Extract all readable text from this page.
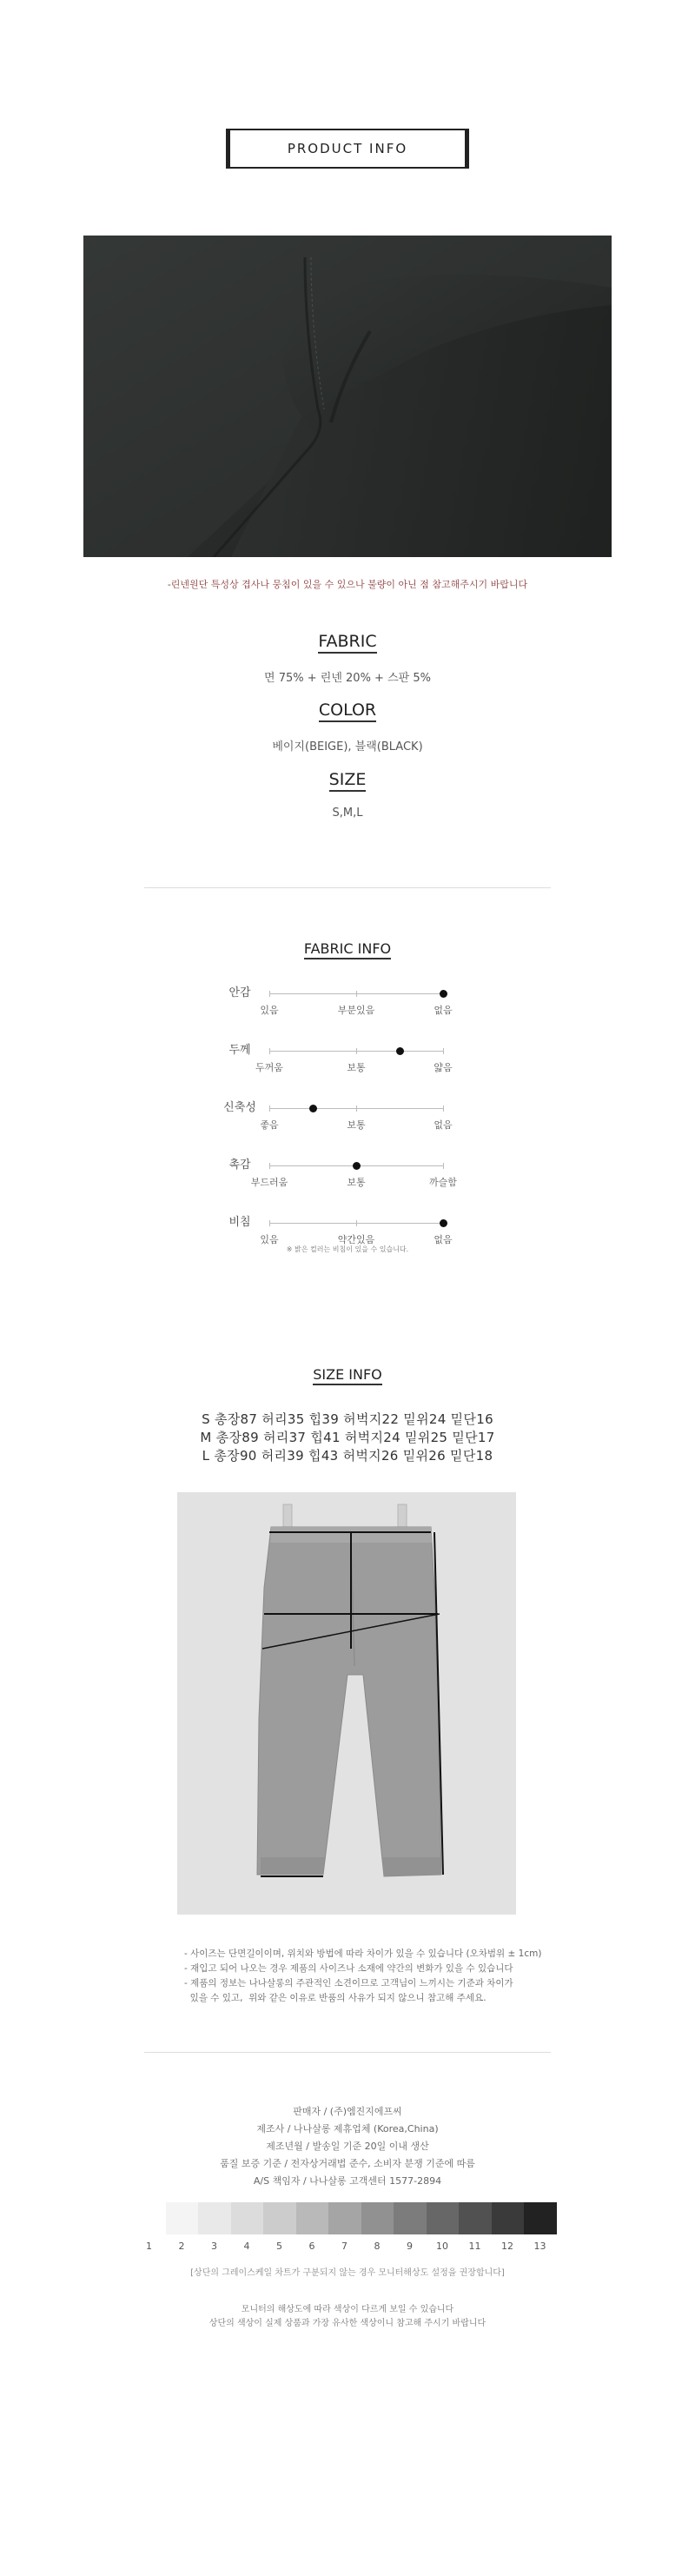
PRODUCT INFO
-린넨원단 특성상 겹사나 뭉침이 있을 수 있으나 불량이 아닌 점 참고해주시기 바랍니다
FABRIC
면 75% + 린넨 20% + 스판 5%
COLOR
베이지(BEIGE), 블랙(BLACK)
SIZE
S,M,L
FABRIC INFO
안감
있음	부분있음	없음
두께
두꺼움	보통	얇음
신축성
좋음	보통	없음
촉감
부드러움	보통	까슬함
비침
있음	약간있음	없음
※ 밝은 컬러는 비침이 있을 수 있습니다.
SIZE INFO
S 총장87 허리35 힙39 허벅지22 밑위24 밑단16
M 총장89 허리37 힙41 허벅지24 밑위25 밑단17
L 총장90 허리39 힙43 허벅지26 밑위26 밑단18
- 사이즈는 단면길이이며, 위치와 방법에 따라 차이가 있을 수 있습니다 (오차범위 ± 1cm)
- 재입고 되어 나오는 경우 제품의 사이즈나 소재에 약간의 변화가 있을 수 있습니다
- 제품의 정보는 나나살롱의 주관적인 소견이므로 고객님이 느끼시는 기준과 차이가
있을 수 있고,  위와 같은 이유로 반품의 사유가 되지 않으니 참고해 주세요.
판매자 / (주)엠진지에프씨
제조사 / 나나살롱 제휴업체 (Korea,China)
제조년월 / 발송일 기준 20일 이내 생산
품질 보증 기준 / 전자상거래법 준수, 소비자 분쟁 기준에 따름
A/S 책임자 / 나나살롱 고객센터 1577-2894
1	2	3	4	5	6	7	8	9	10	11	12	13
[상단의 그레이스케일 차트가 구분되지 않는 경우 모니터해상도 설정을 권장합니다]
모니터의 해상도에 따라 색상이 다르게 보일 수 있습니다
상단의 색상이 실제 상품과 가장 유사한 색상이니 참고해 주시기 바랍니다
